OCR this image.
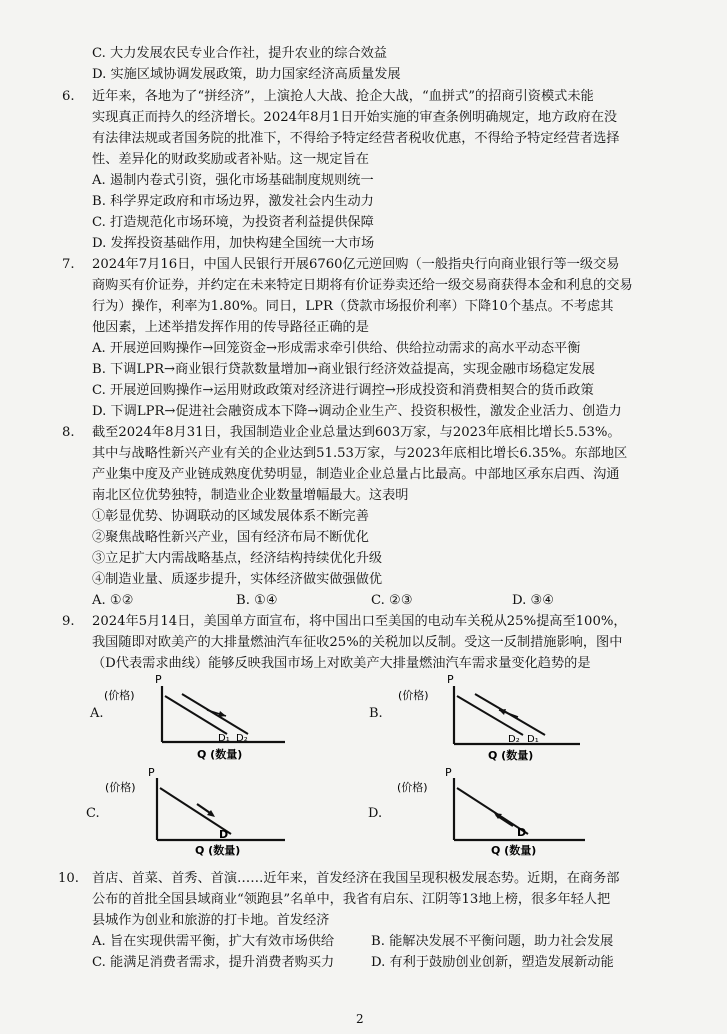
C. 大力发展农民专业合作社，提升农业的综合效益
D. 实施区域协调发展政策，助力国家经济高质量发展
6. 近年来，各地为了“拼经济”，上演抢人大战、抢企大战，“血拼式”的招商引资模式未能
实现真正而持久的经济增长。2024年8月1日开始实施的审查条例明确规定，地方政府在没
有法律法规或者国务院的批准下，不得给予特定经营者税收优惠，不得给予特定经营者选择
性、差异化的财政奖励或者补贴。这一规定旨在
A. 遏制内卷式引资，强化市场基础制度规则统一
B. 科学界定政府和市场边界，激发社会内生动力
C. 打造规范化市场环境，为投资者利益提供保障
D. 发挥投资基础作用，加快构建全国统一大市场
7. 2024年7月16日，中国人民银行开展6760亿元逆回购（一般指央行向商业银行等一级交易
商购买有价证券，并约定在未来特定日期将有价证券卖还给一级交易商获得本金和利息的交易
行为）操作，利率为1.80%。同日，LPR（贷款市场报价利率）下降10个基点。不考虑其
他因素，上述举措发挥作用的传导路径正确的是
A. 开展逆回购操作→回笼资金→形成需求牵引供给、供给拉动需求的高水平动态平衡
B. 下调LPR→商业银行贷款数量增加→商业银行经济效益提高，实现金融市场稳定发展
C. 开展逆回购操作→运用财政政策对经济进行调控→形成投资和消费相契合的货币政策
D. 下调LPR→促进社会融资成本下降→调动企业生产、投资积极性，激发企业活力、创造力
8. 截至2024年8月31日，我国制造业企业总量达到603万家，与2023年底相比增长5.53%。
其中与战略性新兴产业有关的企业达到51.53万家，与2023年底相比增长6.35%。东部地区
产业集中度及产业链成熟度优势明显，制造业企业总量占比最高。中部地区承东启西、沟通
南北区位优势独特，制造业企业数量增幅最大。这表明
①彰显优势、协调联动的区域发展体系不断完善
②聚焦战略性新兴产业，国有经济布局不断优化
③立足扩大内需战略基点，经济结构持续优化升级
④制造业量、质逐步提升，实体经济做实做强做优
A. ①②	B. ①④	C. ②③	D. ③④
9. 2024年5月14日，美国单方面宣布，将中国出口至美国的电动车关税从25%提高至100%，
我国随即对欧美产的大排量燃油汽车征收25%的关税加以反制。受这一反制措施影响，图中
（D代表需求曲线）能够反映我国市场上对欧美产大排量燃油汽车需求量变化趋势的是
A.
P
(价格)
D₁ D₂
Q (数量)
B.
P
(价格)
D₂ D₁
Q (数量)
C.
P
(价格)
D
Q (数量)
D.
P
(价格)
D
Q (数量)
10. 首店、首菜、首秀、首演……近年来，首发经济在我国呈现积极发展态势。近期，在商务部
公布的首批全国县域商业“领跑县”名单中，我省有启东、江阴等13地上榜，很多年轻人把
县城作为创业和旅游的打卡地。首发经济
A. 旨在实现供需平衡，扩大有效市场供给	B. 能解决发展不平衡问题，助力社会发展
C. 能满足消费者需求，提升消费者购买力	D. 有利于鼓励创业创新，塑造发展新动能
2
